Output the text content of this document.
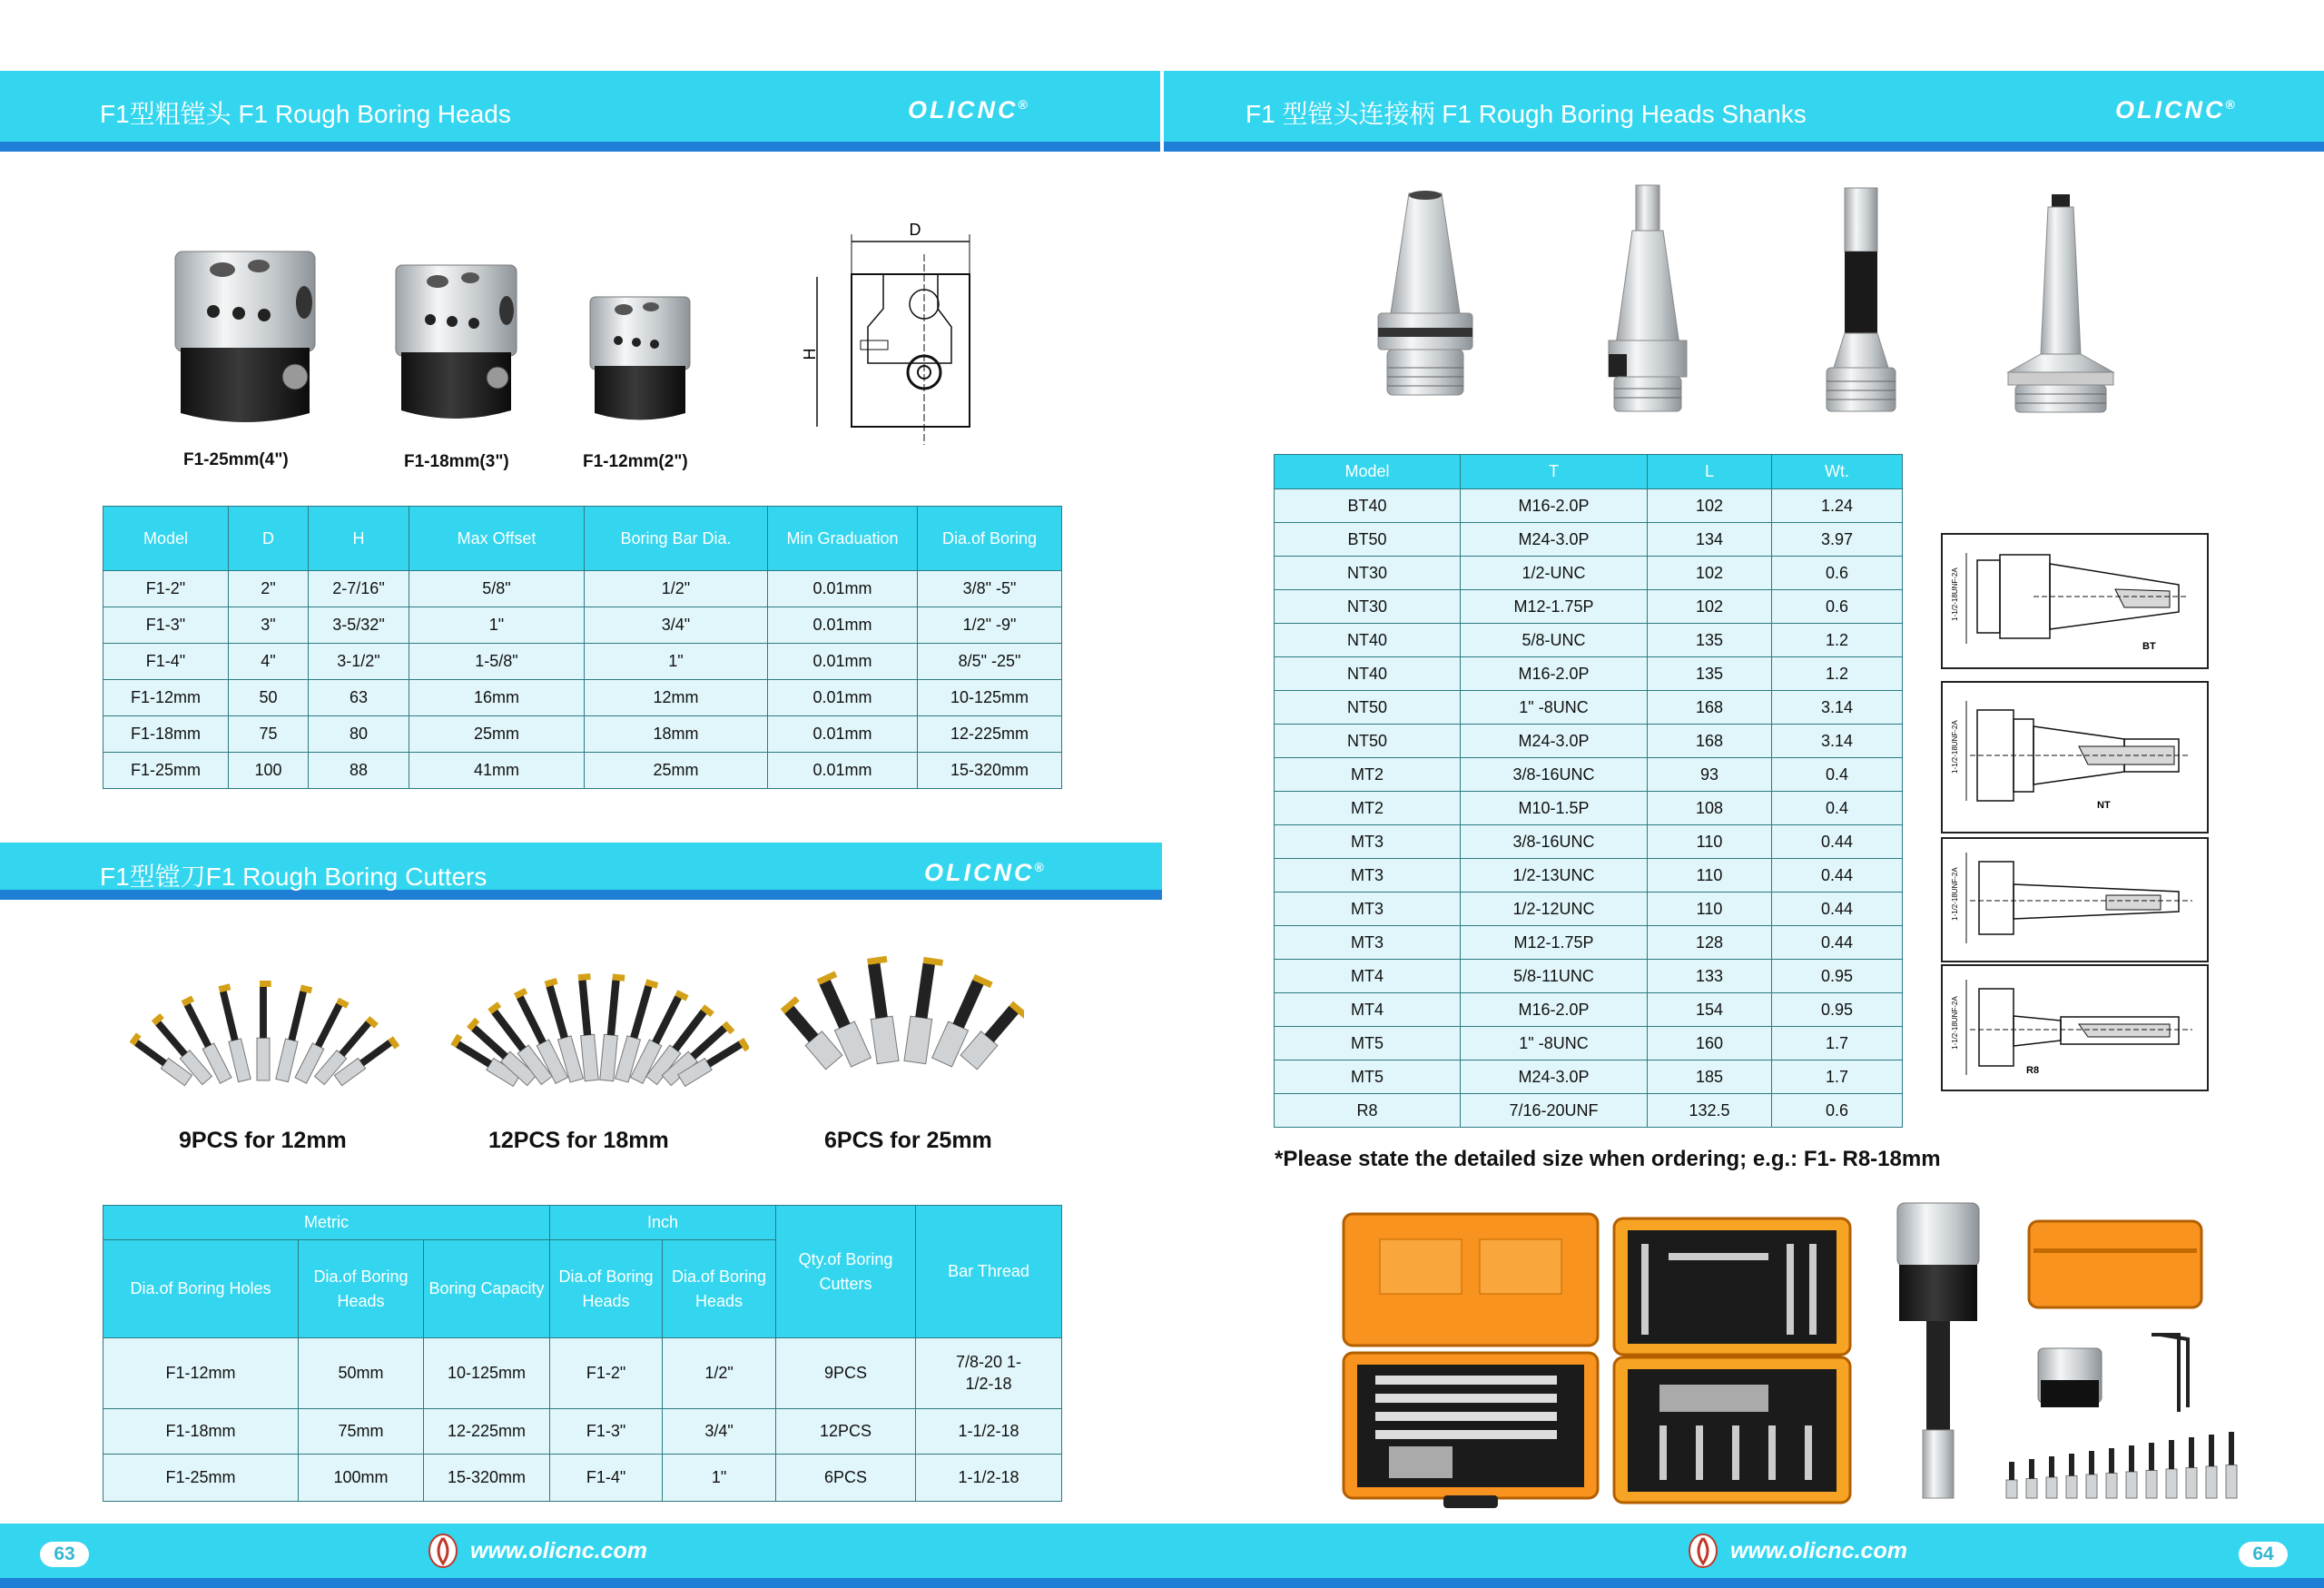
F1型粗镗头 F1 Rough Boring Heads	OLICNC®	F1 型镗头连接柄 F1 Rough Boring Heads Shanks	OLICNC®
F1-25mm(4")	F1-18mm(3")	F1-12mm(2")
D
H
Model	D	H	Max Offset	Boring Bar Dia.	Min Graduation	Dia.of Boring
F1-2"	2"	2-7/16"	5/8"	1/2"	0.01mm	3/8" -5"
F1-3"	3"	3-5/32"	1"	3/4"	0.01mm	1/2" -9"
F1-4"	4"	3-1/2"	1-5/8"	1"	0.01mm	8/5" -25"
F1-12mm	50	63	16mm	12mm	0.01mm	10-125mm
F1-18mm	75	80	25mm	18mm	0.01mm	12-225mm
F1-25mm	100	88	41mm	25mm	0.01mm	15-320mm
F1型镗刀F1 Rough Boring Cutters	OLICNC®
9PCS for 12mm	12PCS for 18mm	6PCS for 25mm
Metric			Inch		Qty.of Boring Cutters	Bar Thread
Dia.of Boring Holes	Dia.of Boring Heads	Boring Capacity	Dia.of Boring Heads	Dia.of Boring Heads		
F1-12mm	50mm	10-125mm	F1-2"	1/2"	9PCS	7/8-20 1-1/2-18
F1-18mm	75mm	12-225mm	F1-3"	3/4"	12PCS	1-1/2-18
F1-25mm	100mm	15-320mm	F1-4"	1"	6PCS	1-1/2-18
Model	T	L	Wt.
BT40	M16-2.0P	102	1.24
BT50	M24-3.0P	134	3.97
NT30	1/2-UNC	102	0.6
NT30	M12-1.75P	102	0.6
NT40	5/8-UNC	135	1.2
NT40	M16-2.0P	135	1.2
NT50	1" -8UNC	168	3.14
NT50	M24-3.0P	168	3.14
MT2	3/8-16UNC	93	0.4
MT2	M10-1.5P	108	0.4
MT3	3/8-16UNC	110	0.44
MT3	1/2-13UNC	110	0.44
MT3	1/2-12UNC	110	0.44
MT3	M12-1.75P	128	0.44
MT4	5/8-11UNC	133	0.95
MT4	M16-2.0P	154	0.95
MT5	1" -8UNC	160	1.7
MT5	M24-3.0P	185	1.7
R8	7/16-20UNF	132.5	0.6
1-1/2-18UNF-2A
BT
1-1/2-18UNF-2A
NT
1-1/2-18UNF-2A
1-1/2-18UNF-2A
R8
*Please state the detailed size when ordering; e.g.: F1- R8-18mm
63	64
www.olicnc.com	www.olicnc.com
